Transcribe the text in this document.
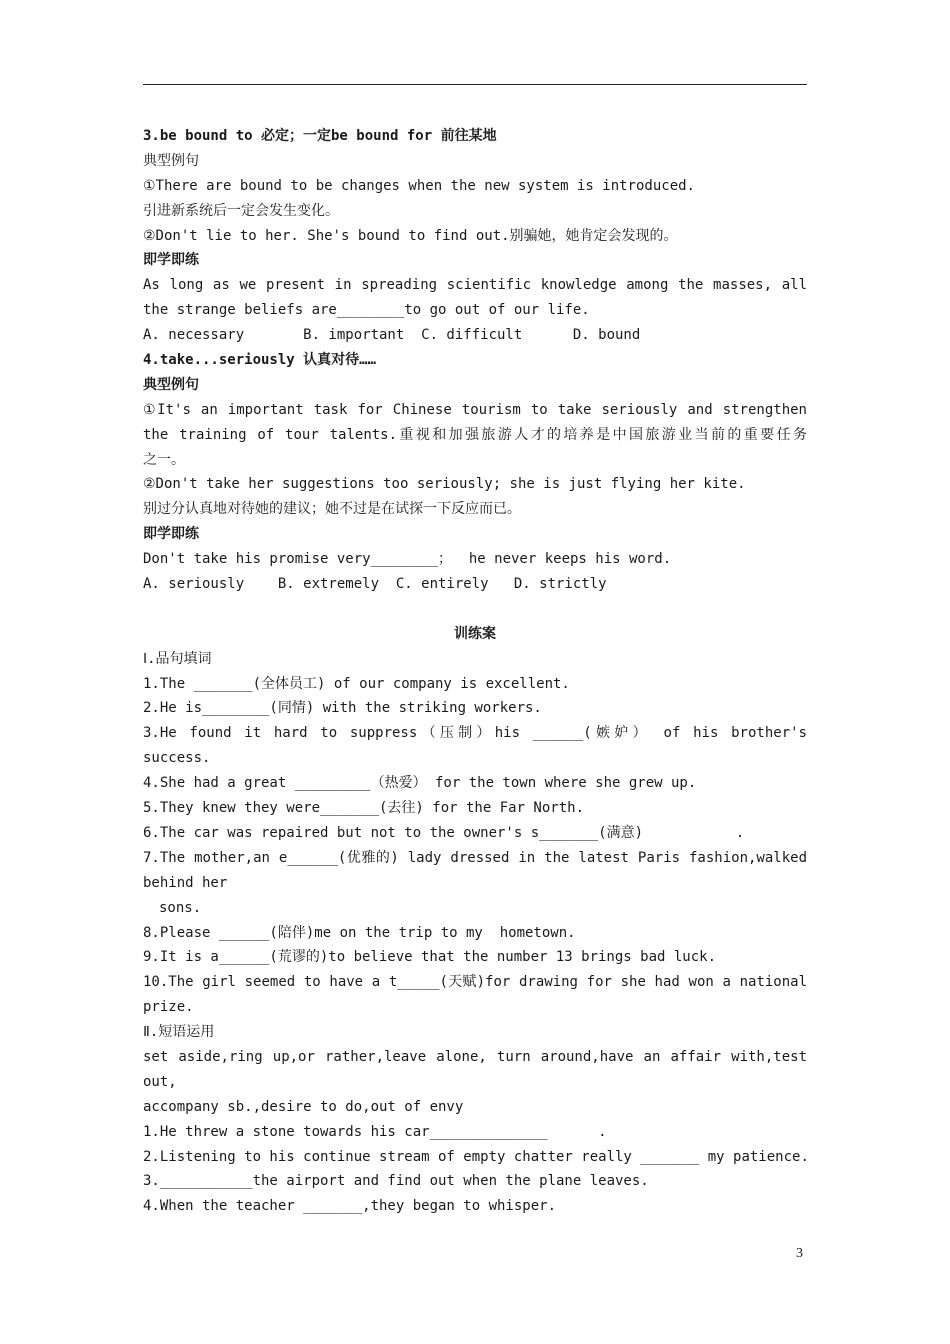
3.be bound to 必定；一定be bound for 前往某地
典型例句
①There are bound to be changes when the new system is introduced.
引进新系统后一定会发生变化。
②Don't lie to her. She's bound to find out.别骗她，她肯定会发现的。
即学即练
As long as we present in spreading scientific knowledge among the masses, all
the strange beliefs are________to go out of our life.
A. necessary       B. important  C. difficult      D. bound
4.take...seriously 认真对待……
典型例句
①It's an important task for Chinese tourism to take seriously and strengthen
the training of tour talents.重视和加强旅游人才的培养是中国旅游业当前的重要任务
之一。
②Don't take her suggestions too seriously; she is just flying her kite.
别过分认真地对待她的建议；她不过是在试探一下反应而已。
即学即练
Don't take his promise very________；  he never keeps his word.
A. seriously    B. extremely  C. entirely   D. strictly
训练案
Ⅰ.品句填词
1.The _______(全体员工) of our company is excellent.
2.He is________(同情) with the striking workers.
3.He found it hard to suppress（压制）his ______(嫉妒） of his brother's
success.
4.She had a great _________（热爱） for the town where she grew up.
5.They knew they were_______(去往) for the Far North.
6.The car was repaired but not to the owner's s_______(满意)           .
7.The mother,an e______(优雅的) lady dressed in the latest Paris fashion,walked
behind her
sons.
8.Please ______(陪伴)me on the trip to my  hometown.
9.It is a______(荒谬的)to believe that the number 13 brings bad luck.
10.The girl seemed to have a t_____(天赋)for drawing for she had won a national
prize.
Ⅱ.短语运用
set aside,ring up,or rather,leave alone, turn around,have an affair with,test
out,
accompany sb.,desire to do,out of envy
1.He threw a stone towards his car______________      .
2.Listening to his continue stream of empty chatter really _______ my patience.
3.___________the airport and find out when the plane leaves.
4.When the teacher _______,they began to whisper.
3
